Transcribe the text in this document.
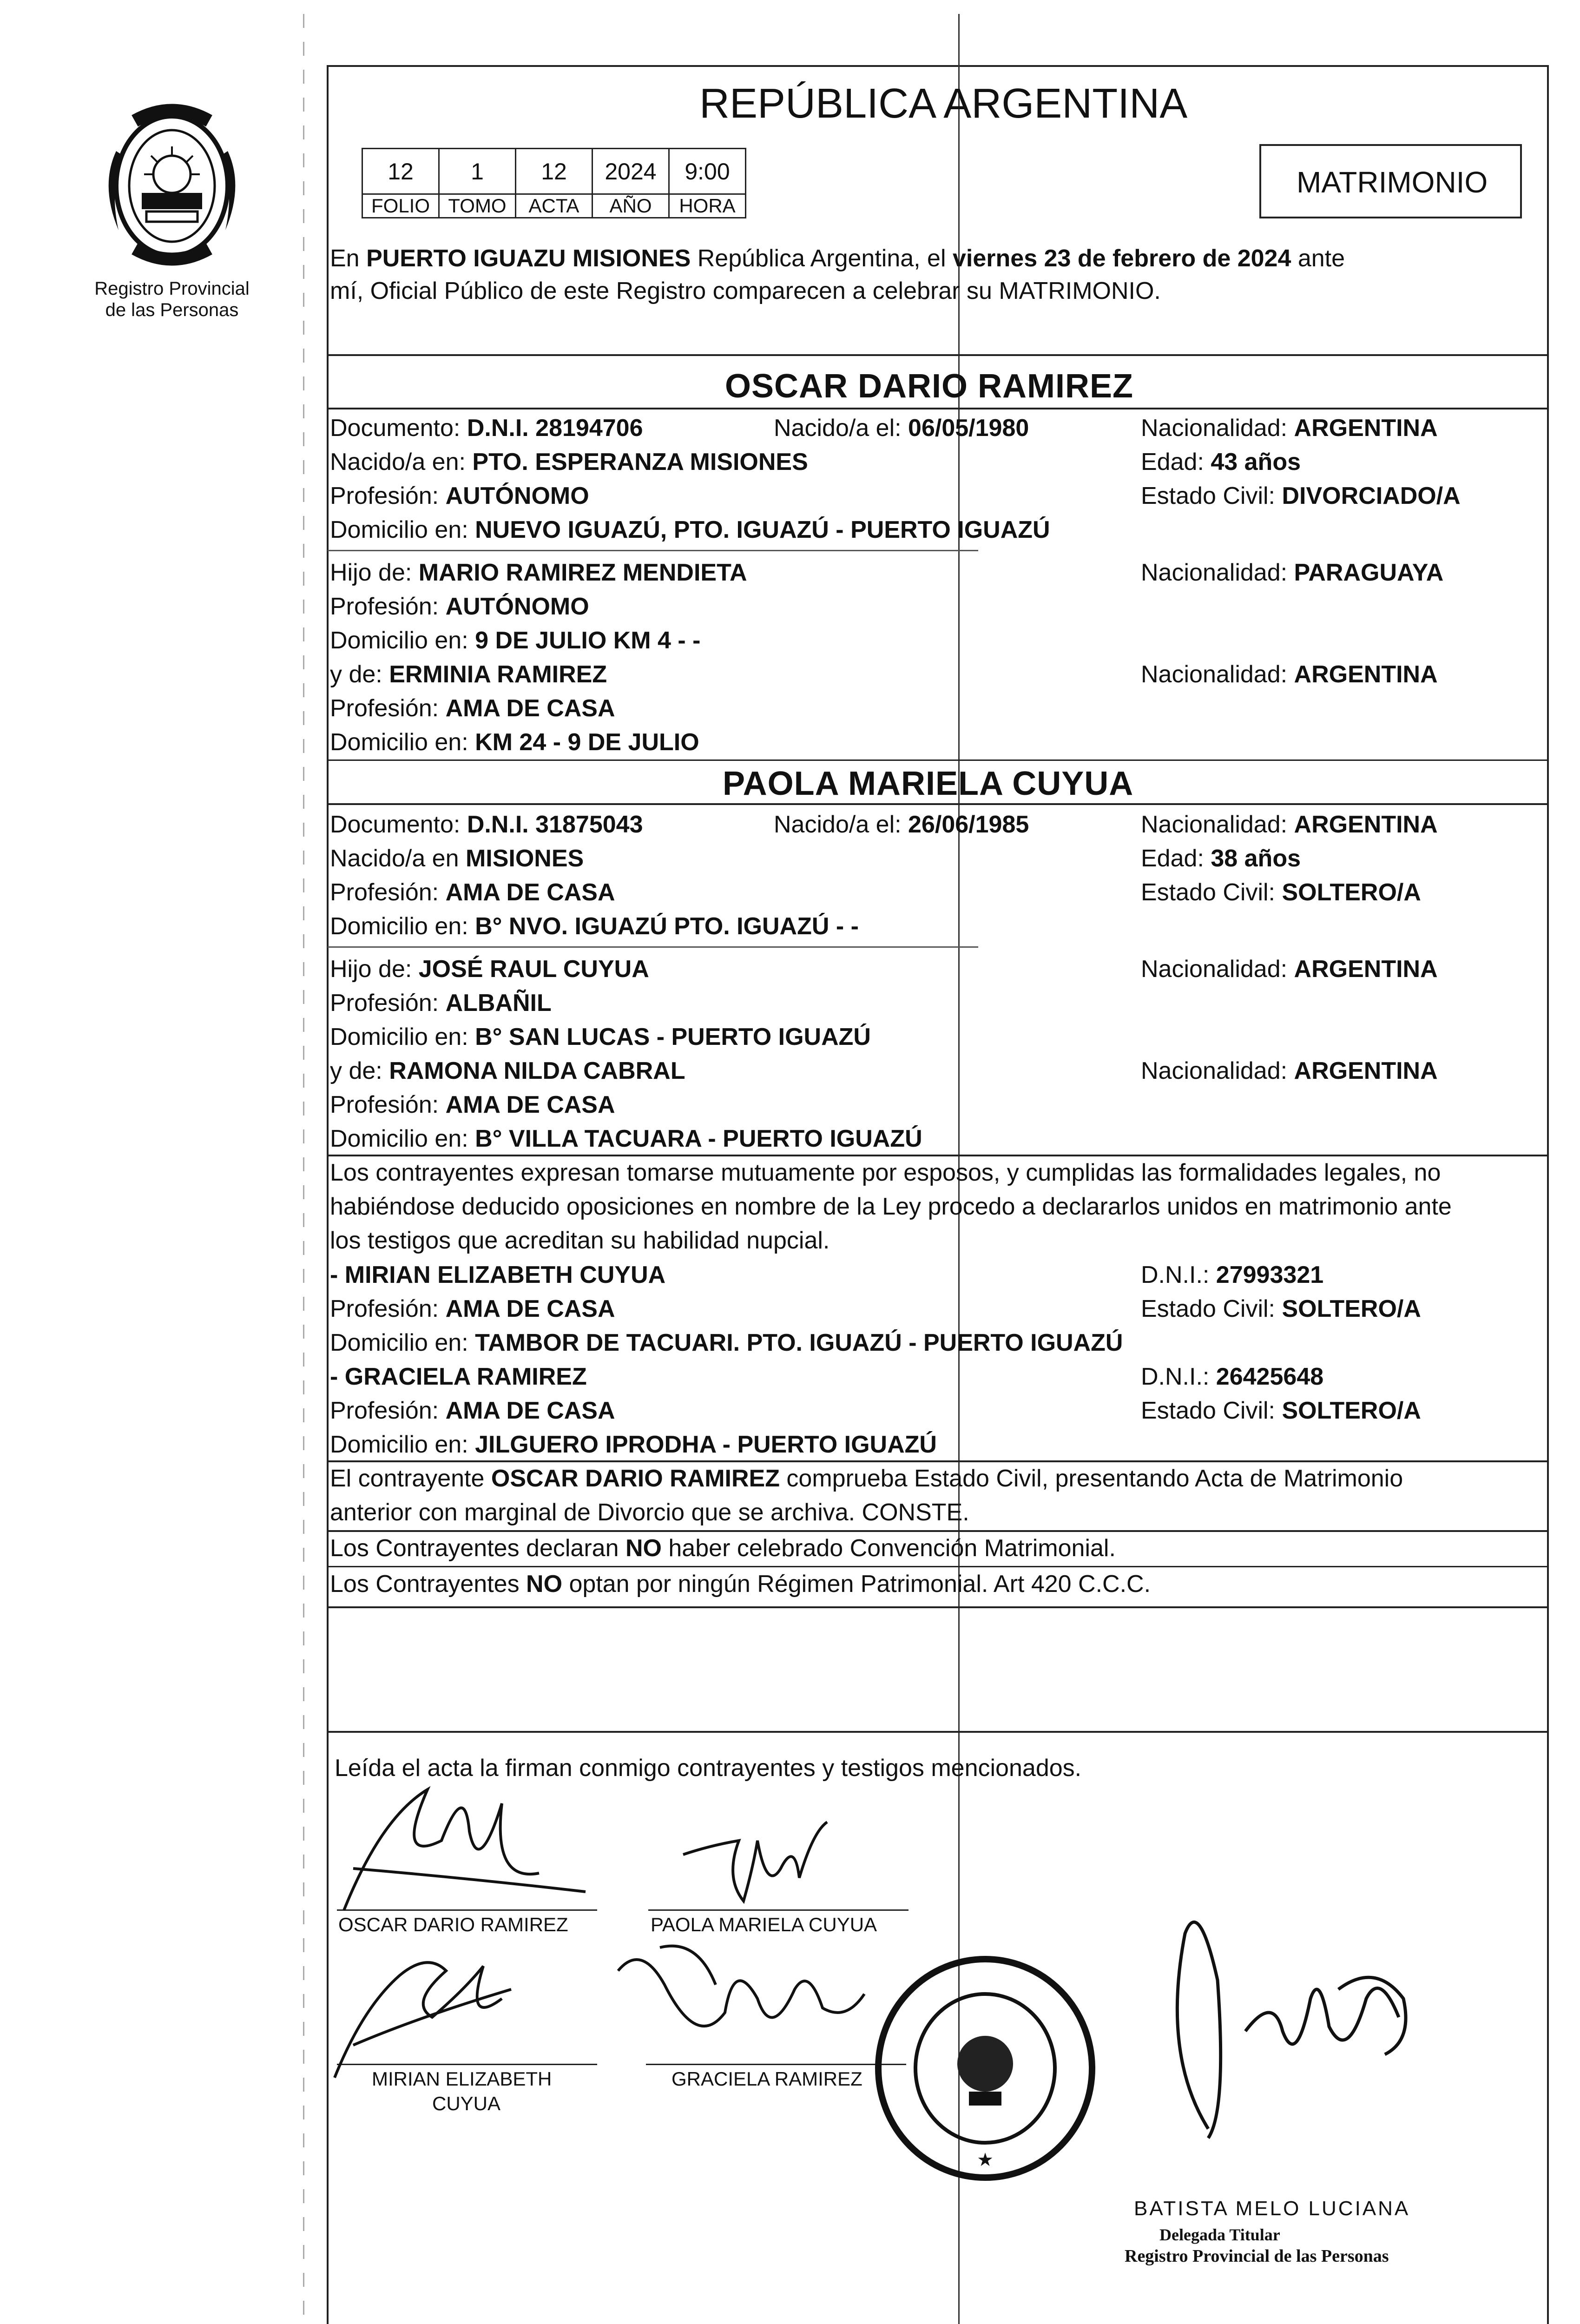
Registro Provincial
de las Personas
REPÚBLICA ARGENTINA
12	1	12	2024	9:00
FOLIO	TOMO	ACTA	AÑO	HORA
MATRIMONIO
En PUERTO IGUAZU MISIONES República Argentina, el viernes 23 de febrero de 2024 ante
mí, Oficial Público de este Registro comparecen a celebrar su MATRIMONIO.
OSCAR DARIO RAMIREZ
Documento: D.N.I. 28194706	Nacido/a el: 06/05/1980	Nacionalidad: ARGENTINA
Nacido/a en: PTO. ESPERANZA MISIONES	Edad: 43 años
Profesión: AUTÓNOMO	Estado Civil: DIVORCIADO/A
Domicilio en: NUEVO IGUAZÚ, PTO. IGUAZÚ - PUERTO IGUAZÚ
Hijo de: MARIO RAMIREZ MENDIETA	Nacionalidad: PARAGUAYA
Profesión: AUTÓNOMO
Domicilio en: 9 DE JULIO KM 4 - -
y de: ERMINIA RAMIREZ	Nacionalidad: ARGENTINA
Profesión: AMA DE CASA
Domicilio en: KM 24 - 9 DE JULIO
PAOLA MARIELA CUYUA
Documento: D.N.I. 31875043	Nacido/a el: 26/06/1985	Nacionalidad: ARGENTINA
Nacido/a en MISIONES	Edad: 38 años
Profesión: AMA DE CASA	Estado Civil: SOLTERO/A
Domicilio en: B° NVO. IGUAZÚ PTO. IGUAZÚ - -
Hijo de: JOSÉ RAUL CUYUA	Nacionalidad: ARGENTINA
Profesión: ALBAÑIL
Domicilio en: B° SAN LUCAS - PUERTO IGUAZÚ
y de: RAMONA NILDA CABRAL	Nacionalidad: ARGENTINA
Profesión: AMA DE CASA
Domicilio en: B° VILLA TACUARA - PUERTO IGUAZÚ
Los contrayentes expresan tomarse mutuamente por esposos, y cumplidas las formalidades legales, no
habiéndose deducido oposiciones en nombre de la Ley procedo a declararlos unidos en matrimonio ante
los testigos que acreditan su habilidad nupcial.
- MIRIAN ELIZABETH CUYUA	D.N.I.: 27993321
Profesión: AMA DE CASA	Estado Civil: SOLTERO/A
Domicilio en: TAMBOR DE TACUARI. PTO. IGUAZÚ - PUERTO IGUAZÚ
- GRACIELA RAMIREZ	D.N.I.: 26425648
Profesión: AMA DE CASA	Estado Civil: SOLTERO/A
Domicilio en: JILGUERO IPRODHA - PUERTO IGUAZÚ
El contrayente OSCAR DARIO RAMIREZ comprueba Estado Civil, presentando Acta de Matrimonio
anterior con marginal de Divorcio que se archiva. CONSTE.
Los Contrayentes declaran NO haber celebrado Convención Matrimonial.
Los Contrayentes NO optan por ningún Régimen Patrimonial. Art 420 C.C.C.
Leída el acta la firman conmigo contrayentes y testigos mencionados.
OSCAR DARIO RAMIREZ	PAOLA MARIELA CUYUA
MIRIAN ELIZABETH
CUYUA
GRACIELA RAMIREZ
★
BATISTA MELO LUCIANA
Delegada Titular
Registro Provincial de las Personas
